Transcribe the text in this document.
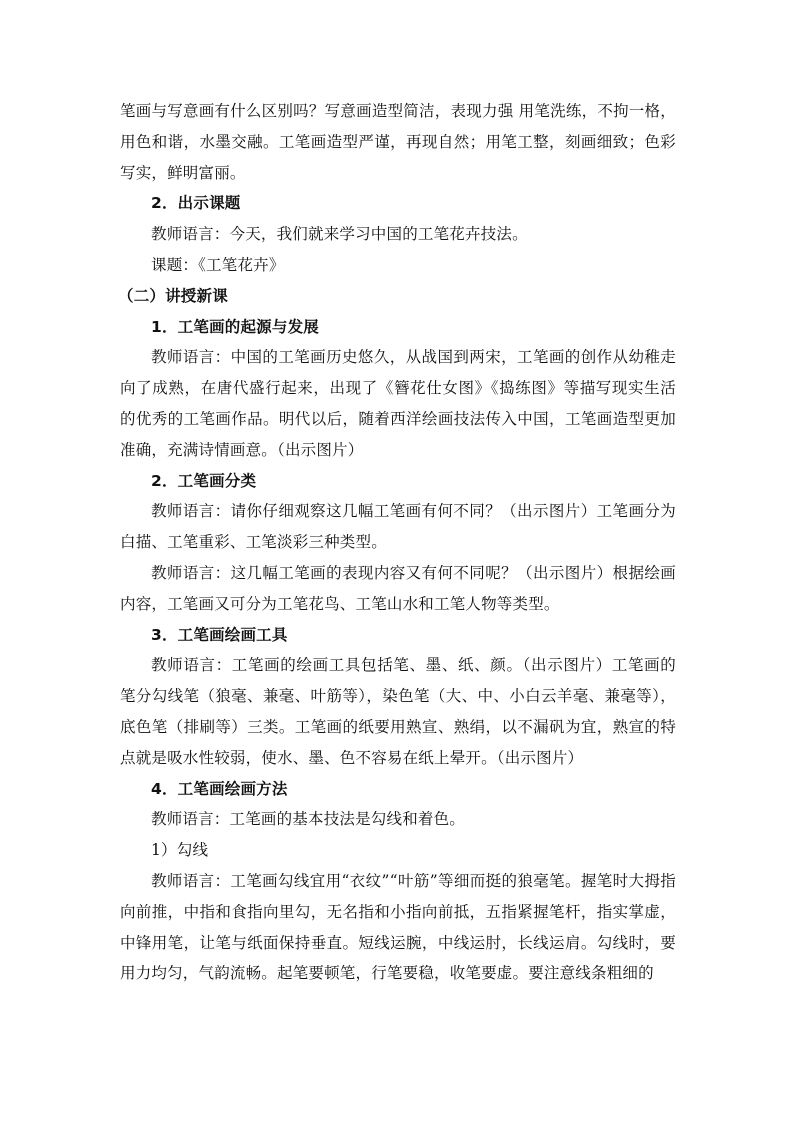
笔画与写意画有什么区别吗？写意画造型简洁，表现力强 用笔洗练，不拘一格，用色和谐，水墨交融。工笔画造型严谨，再现自然；用笔工整，刻画细致；色彩写实，鲜明富丽。

2．出示课题

教师语言：今天，我们就来学习中国的工笔花卉技法。

课题：《工笔花卉》

（二）讲授新课

1．工笔画的起源与发展

教师语言：中国的工笔画历史悠久，从战国到两宋，工笔画的创作从幼稚走向了成熟，在唐代盛行起来，出现了《簪花仕女图》《捣练图》等描写现实生活的优秀的工笔画作品。明代以后，随着西洋绘画技法传入中国，工笔画造型更加准确，充满诗情画意。（出示图片）

2．工笔画分类

教师语言：请你仔细观察这几幅工笔画有何不同？（出示图片）工笔画分为白描、工笔重彩、工笔淡彩三种类型。

教师语言：这几幅工笔画的表现内容又有何不同呢？（出示图片）根据绘画内容，工笔画又可分为工笔花鸟、工笔山水和工笔人物等类型。

3．工笔画绘画工具

教师语言：工笔画的绘画工具包括笔、墨、纸、颜。（出示图片）工笔画的笔分勾线笔（狼毫、兼毫、叶筋等），染色笔（大、中、小白云羊毫、兼毫等），底色笔（排刷等）三类。工笔画的纸要用熟宣、熟绢，以不漏矾为宜，熟宣的特点就是吸水性较弱，使水、墨、色不容易在纸上晕开。（出示图片）

4．工笔画绘画方法

教师语言：工笔画的基本技法是勾线和着色。

1）勾线

教师语言：工笔画勾线宜用“衣纹”“叶筋”等细而挺的狼毫笔。握笔时大拇指向前推，中指和食指向里勾，无名指和小指向前抵，五指紧握笔杆，指实掌虚，中锋用笔，让笔与纸面保持垂直。短线运腕，中线运肘，长线运肩。勾线时，要用力均匀，气韵流畅。起笔要顿笔，行笔要稳，收笔要虚。要注意线条粗细的
